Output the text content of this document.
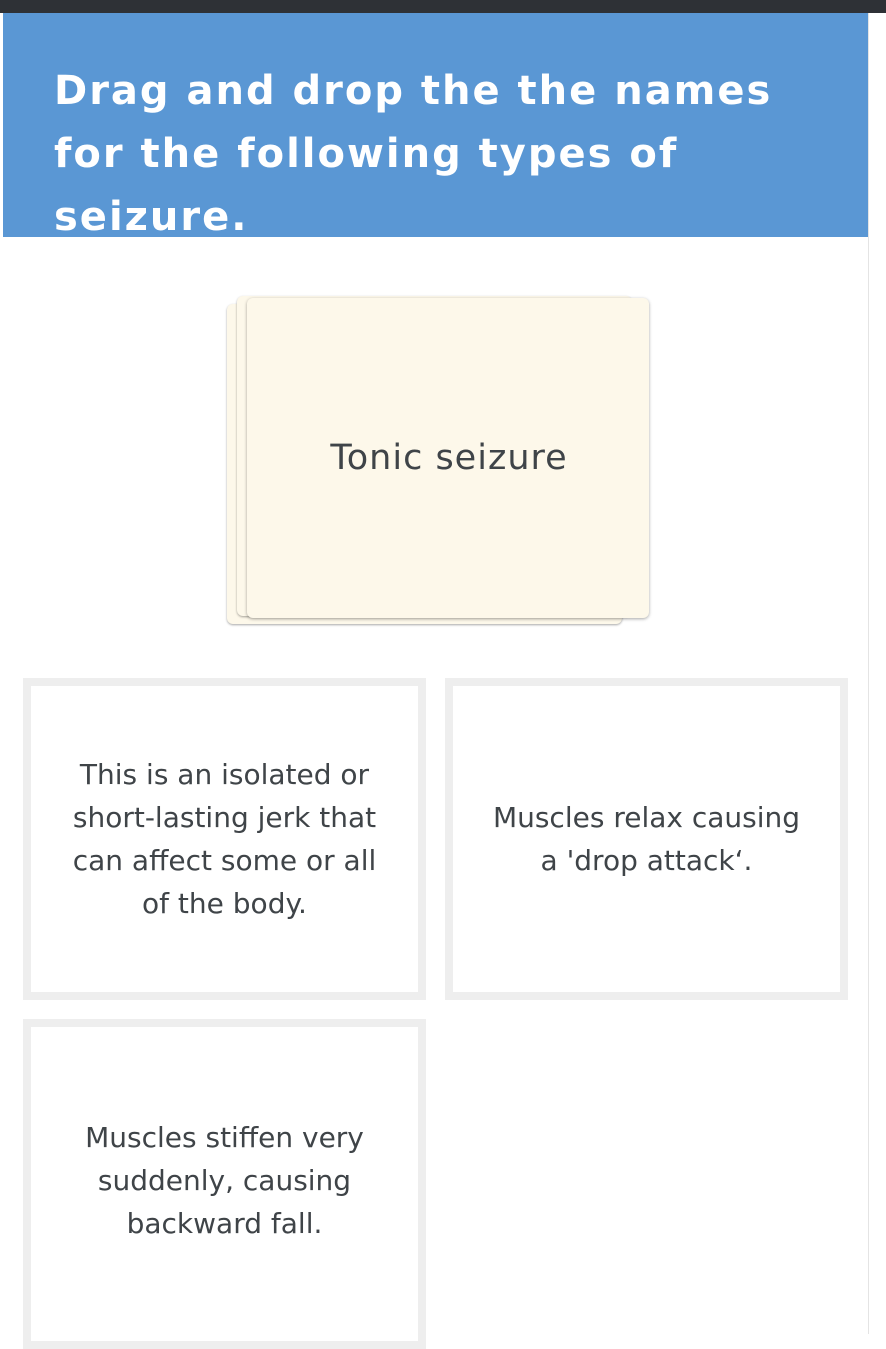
Drag and drop the the names for the following types of seizure.
Tonic seizure
This is an isolated or
short-lasting jerk that
can affect some or all
of the body.
Muscles relax causing
a 'drop attack‘.
Muscles stiffen very
suddenly, causing
backward fall.
